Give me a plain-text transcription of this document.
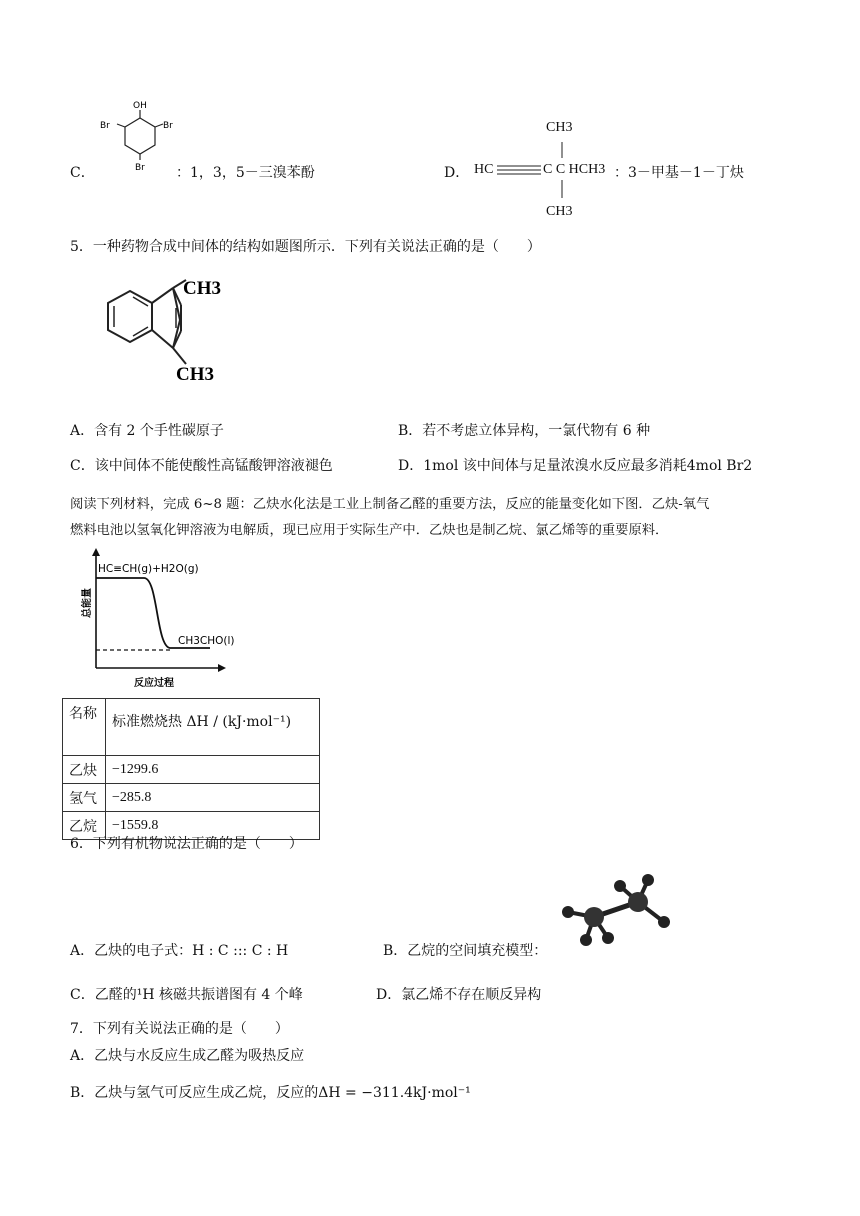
C．
OH
Br	Br
Br ：1，3，5－三溴苯酚	D．
CH3
HC	C C HCH3
CH3
：3－甲基－1－丁炔
5．一种药物合成中间体的结构如题图所示．下列有关说法正确的是（　　）
CH3
CH3
A．含有 2 个手性碳原子	B．若不考虑立体异构，一氯代物有 6 种
C．该中间体不能使酸性高锰酸钾溶液褪色	D．1mol 该中间体与足量浓溴水反应最多消耗4mol Br2
阅读下列材料，完成 6~8 题：乙炔水化法是工业上制备乙醛的重要方法，反应的能量变化如下图．乙炔-氧气
燃料电池以氢氧化钾溶液为电解质，现已应用于实际生产中．乙炔也是制乙烷、氯乙烯等的重要原料．
总能量
HC≡CH(g)+H2O(g)
CH3CHO(l)
反应过程
名称	标准燃烧热 ΔH / (kJ·mol⁻¹)
乙炔	−1299.6
氢气	−285.8
乙烷	−1559.8
6．下列有机物说法正确的是（　　）
A．乙炔的电子式：H : C ::: C : H	B．乙烷的空间填充模型：
C．乙醛的¹H 核磁共振谱图有 4 个峰	D．氯乙烯不存在顺反异构
7．下列有关说法正确的是（　　）
A．乙炔与水反应生成乙醛为吸热反应
B．乙炔与氢气可反应生成乙烷，反应的ΔH = −311.4kJ·mol⁻¹
